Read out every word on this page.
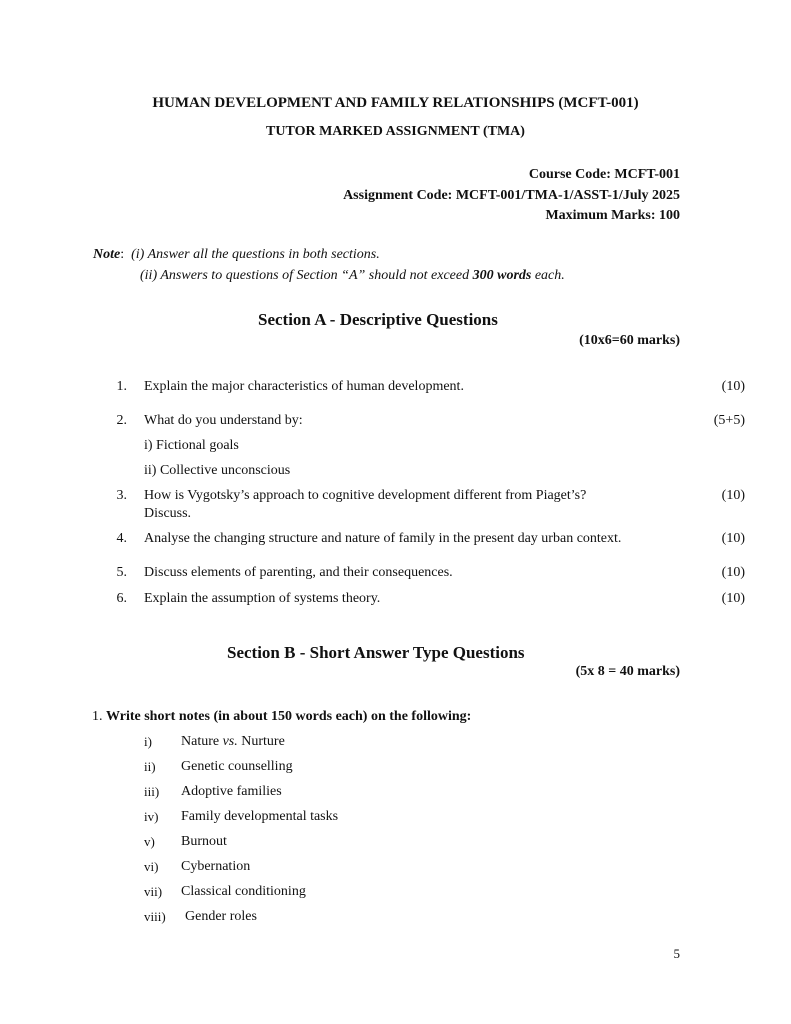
HUMAN DEVELOPMENT AND FAMILY RELATIONSHIPS (MCFT-001)
TUTOR MARKED ASSIGNMENT (TMA)
Course Code: MCFT-001
Assignment Code: MCFT-001/TMA-1/ASST-1/July 2025
Maximum Marks: 100
Note: (i) Answer all the questions in both sections.
(ii) Answers to questions of Section “A” should not exceed 300 words each.
Section A - Descriptive Questions
(10x6=60 marks)
1. Explain the major characteristics of human development.	(10)
2. What do you understand by:	(5+5)
i) Fictional goals
ii) Collective unconscious
3. How is Vygotsky’s approach to cognitive development different from Piaget’s?
Discuss.
(10)
4. Analyse the changing structure and nature of family in the present day urban context.	(10)
5. Discuss elements of parenting, and their consequences.	(10)
6. Explain the assumption of systems theory.	(10)
Section B - Short Answer Type Questions
(5x 8 = 40 marks)
1. Write short notes (in about 150 words each) on the following:
i) Nature vs. Nurture
ii) Genetic counselling
iii) Adoptive families
iv) Family developmental tasks
v) Burnout
vi) Cybernation
vii) Classical conditioning
viii) Gender roles
5
